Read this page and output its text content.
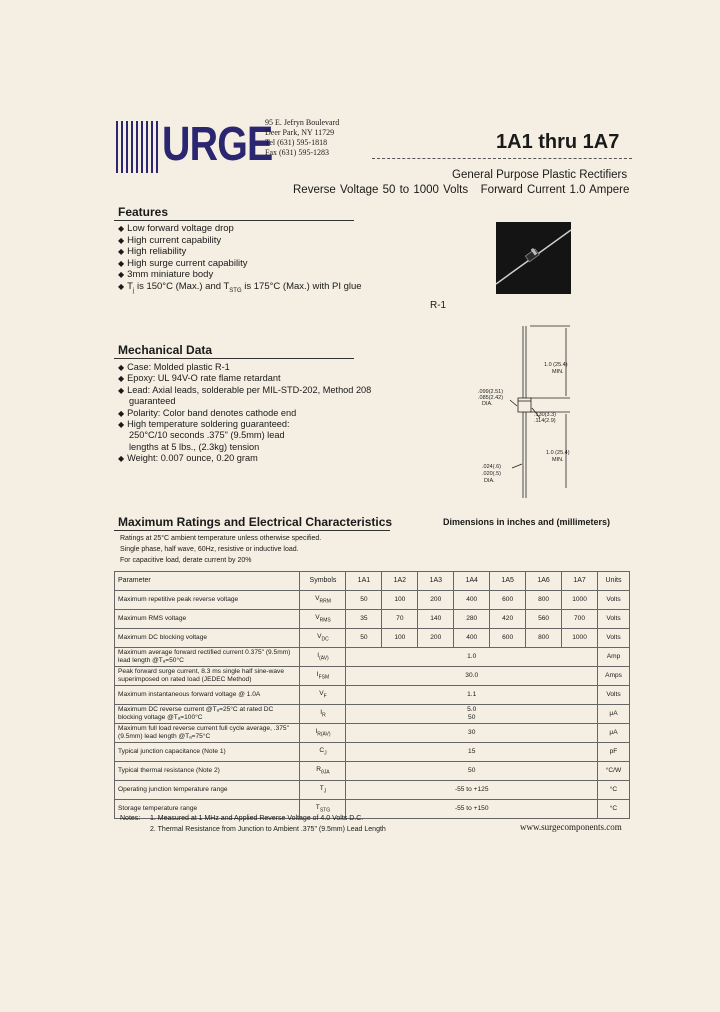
URGE
95 E. Jefryn Boulevard
Deer Park, NY 11729
Tel (631) 595-1818
Fax (631) 595-1283	1A1 thru 1A7
General Purpose Plastic Rectifiers
Reverse Voltage 50 to 1000 Volts   Forward Current 1.0 Ampere
Features
◆ Low forward voltage drop
◆ High current capability
◆ High reliability
◆ High surge current capability
◆ 3mm miniature body
◆ $T_j$ is 150°C (Max.) and $T_{STG}$ is 175°C (Max.) with PI glue
R-1
1.0 (25.4)
MIN.
.099(2.51)
.085(2.42)
DIA.
.130(3.3)
.114(2.9)
1.0 (25.4)
MIN.
.024(.6)
.020(.5)
DIA.
Mechanical Data
◆ Case: Molded plastic R-1
◆ Epoxy: UL 94V-O rate flame retardant
◆ Lead: Axial leads, solderable per MIL-STD-202, Method 208
guaranteed
◆ Polarity: Color band denotes cathode end
◆ High temperature soldering guaranteed:
250°C/10 seconds .375" (9.5mm) lead
lengths at 5 lbs., (2.3kg) tension
◆ Weight: 0.007 ounce, 0.20 gram
Dimensions in inches and (millimeters)
Maximum Ratings and Electrical Characteristics
Ratings at 25°C ambient temperature unless otherwise specified.
Single phase, half wave, 60Hz, resistive or inductive load.
For capacitive load, derate current by 20%
Parameter	Symbols	1A1	1A2	1A3	1A4	1A5	1A6	1A7	Units
Maximum repetitive peak reverse voltage	$V_{RRM}$	50	100	200	400	600	800	1000	Volts
Maximum RMS voltage	$V_{RMS}$	35	70	140	280	420	560	700	Volts
Maximum DC blocking voltage	$V_{DC}$	50	100	200	400	600	800	1000	Volts
Maximum average forward rectified current 0.375" (9.5mm) lead length @Tₐ=50°C	$I_{(AV)}$	1.0							Amp
Peak forward surge current, 8.3 ms single half sine-wave superimposed on rated load (JEDEC Method)	$I_{FSM}$	30.0							Amps
Maximum instantaneous forward voltage @ 1.0A	$V_F$	1.1							Volts
Maximum DC reverse current @Tₐ=25°C at rated DC blocking voltage @Tₐ=100°C	$I_R$	5.0
50							μA
Maximum full load reverse current full cycle average, .375" (9.5mm) lead length @Tₐ=75°C	$I_{R(AV)}$	30							μA
Typical junction capacitance (Note 1)	$C_J$	15							pF
Typical thermal resistance (Note 2)	$R_{\theta JA}$	50							°C/W
Operating junction temperature range	$T_J$	-55 to +125							°C
Storage temperature range	$T_{STG}$	-55 to +150							°C
Notes: 1. Measured at 1 MHz and Applied Reverse Voltage of 4.0 Volts D.C.
2. Thermal Resistance from Junction to Ambient .375" (9.5mm) Lead Length	www.surgecomponents.com
